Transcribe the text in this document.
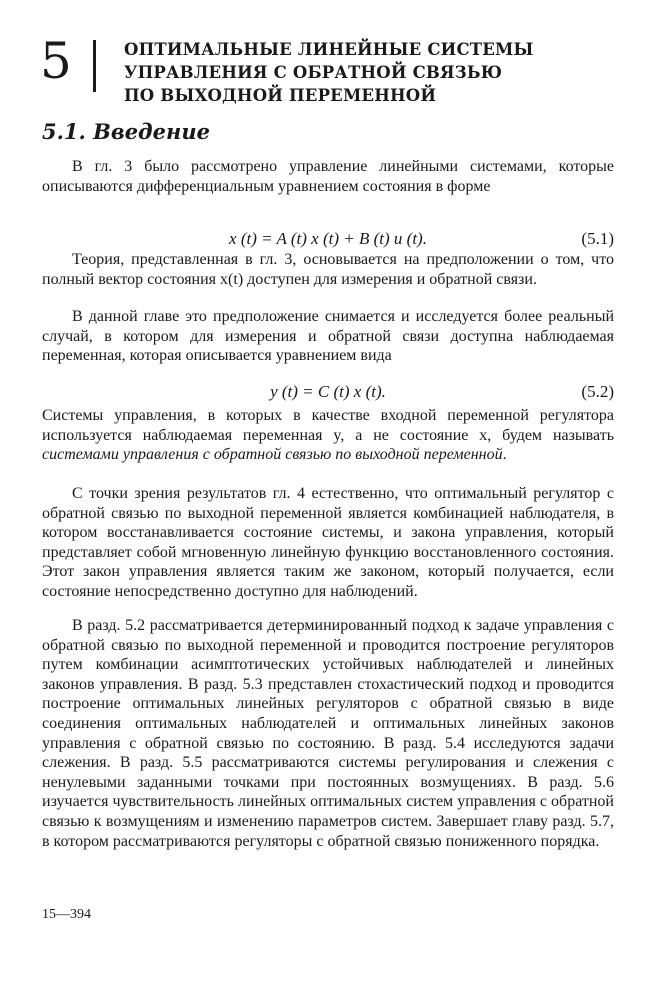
5	ОПТИМАЛЬНЫЕ ЛИНЕЙНЫЕ СИСТЕМЫ
УПРАВЛЕНИЯ С ОБРАТНОЙ СВЯЗЬЮ
ПО ВЫХОДНОЙ ПЕРЕМЕННОЙ
5.1. Введение

В гл. 3 было рассмотрено управление линейными системами, которые описываются дифференциальным уравнением состояния в форме

x (t) = A (t) x (t) + B (t) u (t).	(5.1)

Теория, представленная в гл. 3, основывается на предположении о том, что полный вектор состояния x(t) доступен для измерения и обратной связи.

В данной главе это предположение снимается и исследуется более реальный случай, в котором для измерения и обратной связи доступна наблюдаемая переменная, которая описывается уравнением вида

y (t) = C (t) x (t).	(5.2)

Системы управления, в которых в качестве входной переменной регулятора используется наблюдаемая переменная y, а не состояние x, будем называть системами управления с обратной связью по выходной переменной.

С точки зрения результатов гл. 4 естественно, что оптимальный регулятор с обратной связью по выходной переменной является комбинацией наблюдателя, в котором восстанавливается состояние системы, и закона управления, который представляет собой мгновенную линейную функцию восстановленного состояния. Этот закон управления является таким же законом, который получается, если состояние непосредственно доступно для наблюдений.

В разд. 5.2 рассматривается детерминированный подход к задаче управления с обратной связью по выходной переменной и проводится построение регуляторов путем комбинации асимптотических устойчивых наблюдателей и линейных законов управления. В разд. 5.3 представлен стохастический подход и проводится построение оптимальных линейных регуляторов с обратной связью в виде соединения оптимальных наблюдателей и оптимальных линейных законов управления с обратной связью по состоянию. В разд. 5.4 исследуются задачи слежения. В разд. 5.5 рассматриваются системы регулирования и слежения с ненулевыми заданными точками при постоянных возмущениях. В разд. 5.6 изучается чувствительность линейных оптимальных систем управления с обратной связью к возмущениям и изменению параметров систем. Завершает главу разд. 5.7, в котором рассматриваются регуляторы с обратной связью пониженного порядка.

15—394
